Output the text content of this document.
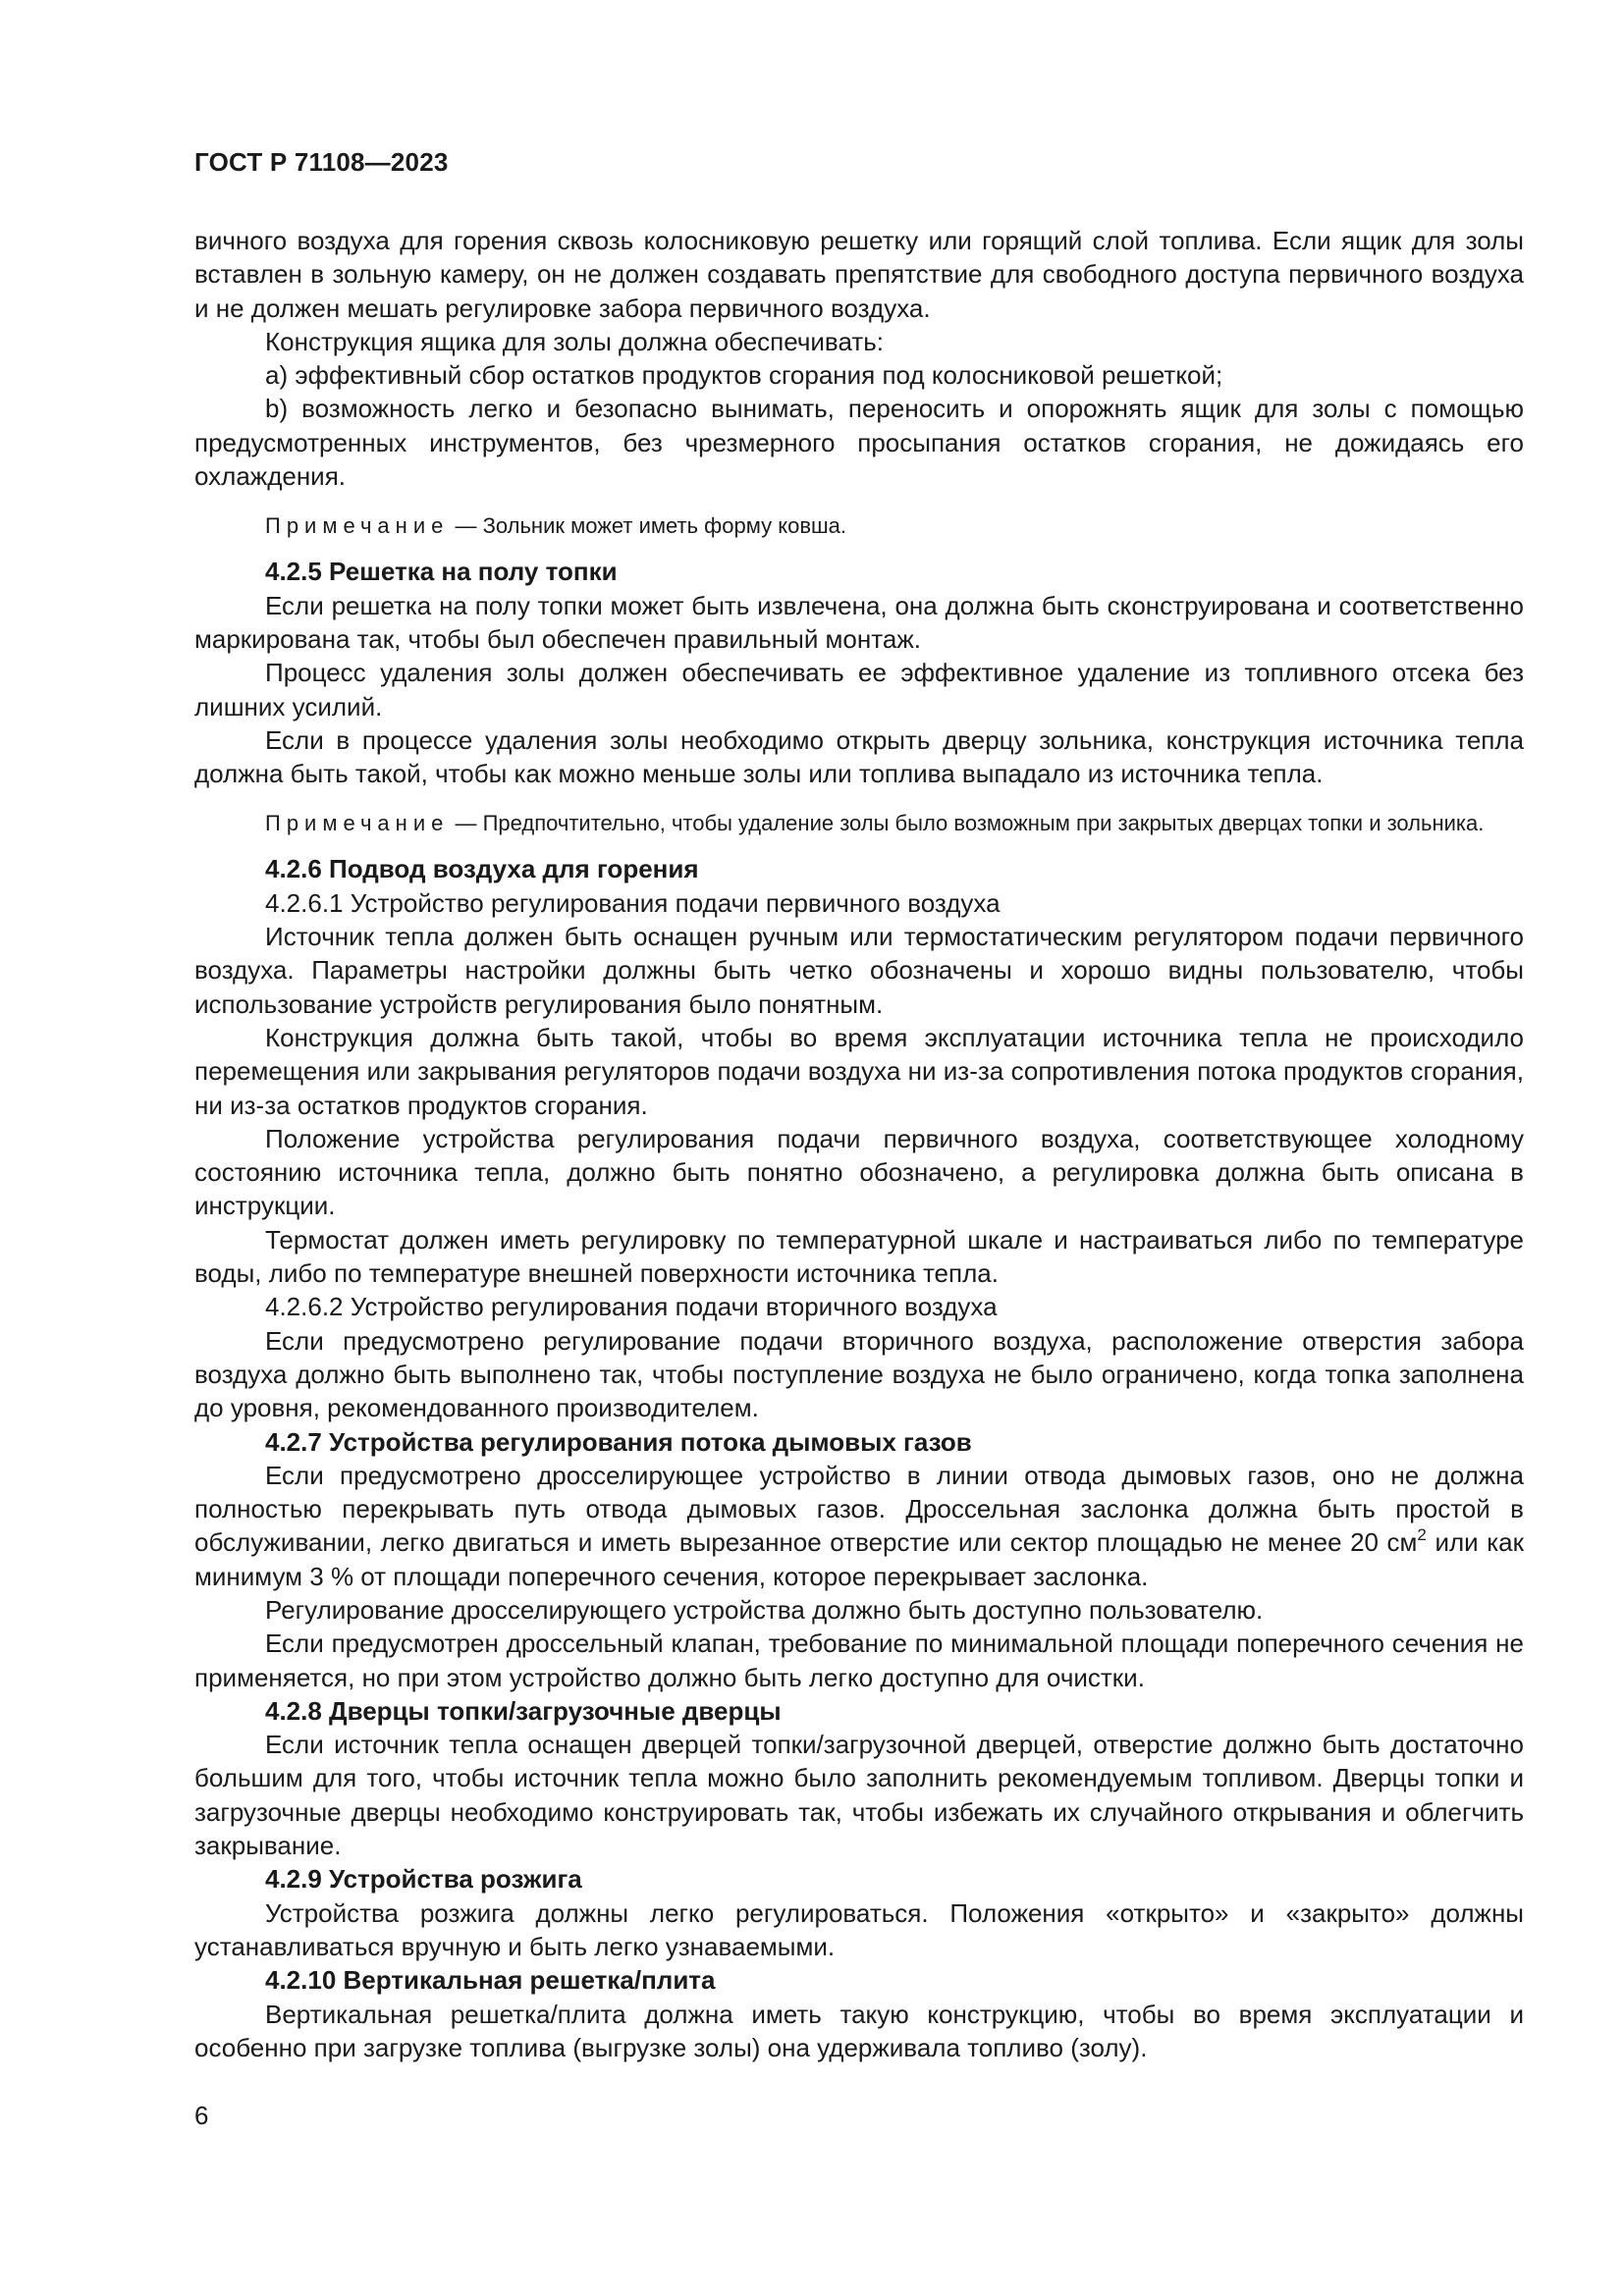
ГОСТ Р 71108—2023

вичного воздуха для горения сквозь колосниковую решетку или горящий слой топлива. Если ящик для золы вставлен в зольную камеру, он не должен создавать препятствие для свободного доступа первичного воздуха и не должен мешать регулировке забора первичного воздуха.

Конструкция ящика для золы должна обеспечивать:

а) эффективный сбор остатков продуктов сгорания под колосниковой решеткой;

b) возможность легко и безопасно вынимать, переносить и опорожнять ящик для золы с помощью предусмотренных инструментов, без чрезмерного просыпания остатков сгорания, не дожидаясь его охлаждения.

Примечание — Зольник может иметь форму ковша.

4.2.5 Решетка на полу топки

Если решетка на полу топки может быть извлечена, она должна быть сконструирована и соответственно маркирована так, чтобы был обеспечен правильный монтаж.

Процесс удаления золы должен обеспечивать ее эффективное удаление из топливного отсека без лишних усилий.

Если в процессе удаления золы необходимо открыть дверцу зольника, конструкция источника тепла должна быть такой, чтобы как можно меньше золы или топлива выпадало из источника тепла.

Примечание — Предпочтительно, чтобы удаление золы было возможным при закрытых дверцах топки и зольника.

4.2.6 Подвод воздуха для горения

4.2.6.1 Устройство регулирования подачи первичного воздуха

Источник тепла должен быть оснащен ручным или термостатическим регулятором подачи первичного воздуха. Параметры настройки должны быть четко обозначены и хорошо видны пользователю, чтобы использование устройств регулирования было понятным.

Конструкция должна быть такой, чтобы во время эксплуатации источника тепла не происходило перемещения или закрывания регуляторов подачи воздуха ни из-за сопротивления потока продуктов сгорания, ни из-за остатков продуктов сгорания.

Положение устройства регулирования подачи первичного воздуха, соответствующее холодному состоянию источника тепла, должно быть понятно обозначено, а регулировка должна быть описана в инструкции.

Термостат должен иметь регулировку по температурной шкале и настраиваться либо по температуре воды, либо по температуре внешней поверхности источника тепла.

4.2.6.2 Устройство регулирования подачи вторичного воздуха

Если предусмотрено регулирование подачи вторичного воздуха, расположение отверстия забора воздуха должно быть выполнено так, чтобы поступление воздуха не было ограничено, когда топка заполнена до уровня, рекомендованного производителем.

4.2.7 Устройства регулирования потока дымовых газов

Если предусмотрено дросселирующее устройство в линии отвода дымовых газов, оно не должна полностью перекрывать путь отвода дымовых газов. Дроссельная заслонка должна быть простой в обслуживании, легко двигаться и иметь вырезанное отверстие или сектор площадью не менее 20 $см^2$ или как минимум 3 % от площади поперечного сечения, которое перекрывает заслонка.

Регулирование дросселирующего устройства должно быть доступно пользователю.

Если предусмотрен дроссельный клапан, требование по минимальной площади поперечного сечения не применяется, но при этом устройство должно быть легко доступно для очистки.

4.2.8 Дверцы топки/загрузочные дверцы

Если источник тепла оснащен дверцей топки/загрузочной дверцей, отверстие должно быть достаточно большим для того, чтобы источник тепла можно было заполнить рекомендуемым топливом. Дверцы топки и загрузочные дверцы необходимо конструировать так, чтобы избежать их случайного открывания и облегчить закрывание.

4.2.9 Устройства розжига

Устройства розжига должны легко регулироваться. Положения «открыто» и «закрыто» должны устанавливаться вручную и быть легко узнаваемыми.

4.2.10 Вертикальная решетка/плита

Вертикальная решетка/плита должна иметь такую конструкцию, чтобы во время эксплуатации и особенно при загрузке топлива (выгрузке золы) она удерживала топливо (золу).

6
